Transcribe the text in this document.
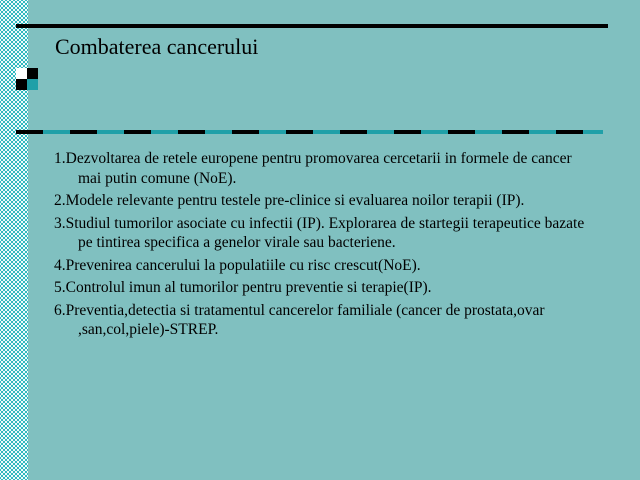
Combaterea cancerului
1.Dezvoltarea de retele europene pentru promovarea cercetarii in formele de cancer mai putin comune (NoE).
2.Modele relevante pentru testele pre-clinice si evaluarea noilor terapii (IP).
3.Studiul tumorilor asociate cu infectii (IP). Explorarea de startegii terapeutice bazate pe tintirea specifica a genelor virale sau bacteriene.
4.Prevenirea cancerului la populatiile cu risc crescut(NoE).
5.Controlul imun al tumorilor pentru preventie si terapie(IP).
6.Preventia,detectia si tratamentul cancerelor familiale (cancer de prostata,ovar ,san,col,piele)-STREP.
